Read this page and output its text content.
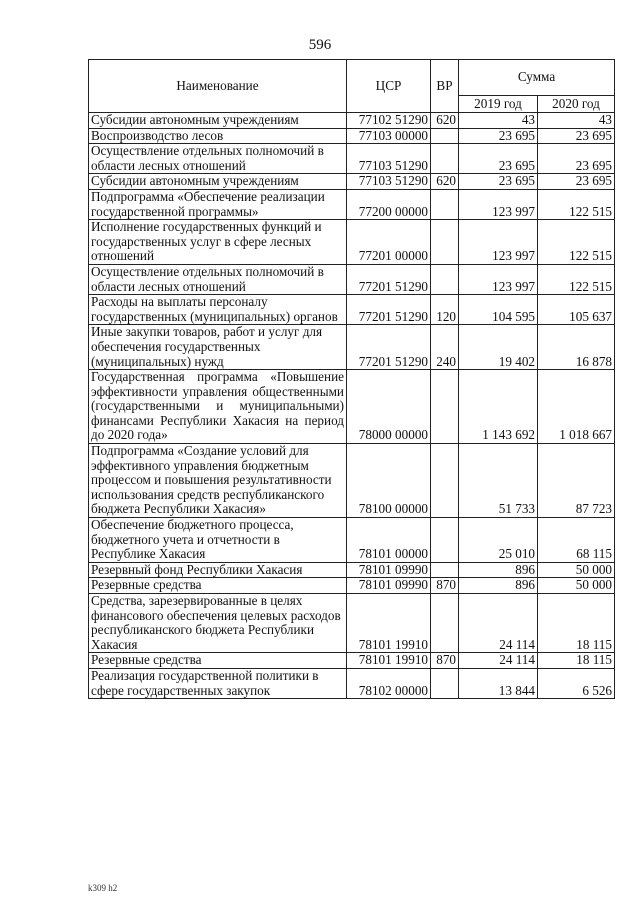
596
Наименование	ЦСР	ВР	Сумма	
			2019 год	2020 год
Субсидии автономным учреждениям	77102 51290	620	43	43
Воспроизводство лесов	77103 00000		23 695	23 695
Осуществление отдельных полномочий в области лесных отношений	77103 51290		23 695	23 695
Субсидии автономным учреждениям	77103 51290	620	23 695	23 695
Подпрограмма «Обеспечение реализации государственной программы»	77200 00000		123 997	122 515
Исполнение государственных функций и государственных услуг в сфере лесных отношений	77201 00000		123 997	122 515
Осуществление отдельных полномочий в области лесных отношений	77201 51290		123 997	122 515
Расходы на выплаты персоналу государственных (муниципальных) органов	77201 51290	120	104 595	105 637
Иные закупки товаров, работ и услуг для обеспечения государственных (муниципальных) нужд	77201 51290	240	19 402	16 878
Государственная программа «Повышение эффективности управления общественными (государственными и муниципальными) финансами Республики Хакасия на период до 2020 года»	78000 00000		1 143 692	1 018 667
Подпрограмма «Создание условий для эффективного управления бюджетным процессом и повышения результативности использования средств республиканского бюджета Республики Хакасия»	78100 00000		51 733	87 723
Обеспечение бюджетного процесса, бюджетного учета и отчетности в Республике Хакасия	78101 00000		25 010	68 115
Резервный фонд Республики Хакасия	78101 09990		896	50 000
Резервные средства	78101 09990	870	896	50 000
Средства, зарезервированные в целях финансового обеспечения целевых расходов республиканского бюджета Республики Хакасия	78101 19910		24 114	18 115
Резервные средства	78101 19910	870	24 114	18 115
Реализация государственной политики в сфере государственных закупок	78102 00000		13 844	6 526
k309 h2
